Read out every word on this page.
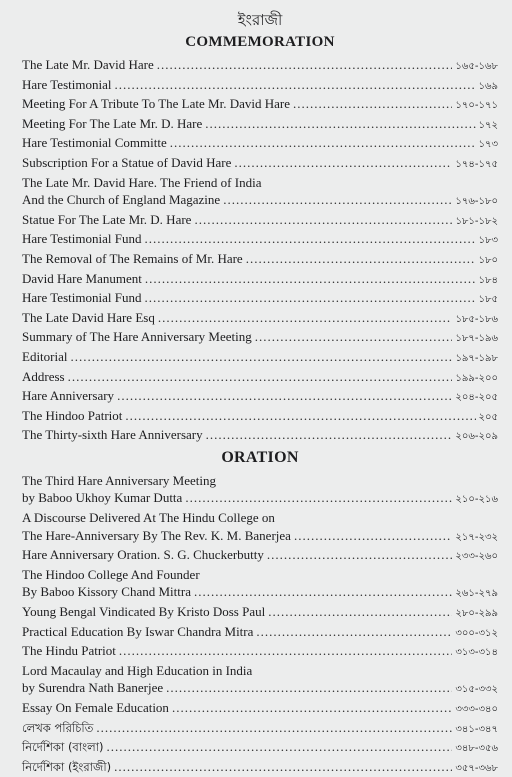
ইংরাজী
COMMEMORATION
The Late Mr. David Hare .....	১৬৫-১৬৮
Hare Testimonial .....	১৬৯
Meeting For A Tribute To The Late Mr. David Hare .....	১৭০-১৭১
Meeting For The Late Mr. D. Hare .....	১৭২
Hare Testimonial Committe .....	১৭৩
Subscription For a Statue of David Hare .....	১৭৪-১৭৫
The Late Mr. David Hare. The Friend of India
And the Church of England Magazine .....	১৭৬-১৮০
Statue For The Late Mr. D. Hare .....	১৮১-১৮২
Hare Testimonial Fund .....	১৮৩
The Removal of The Remains of Mr. Hare .....	১৮০
David Hare Manument .....	১৮৪
Hare Testimonial Fund .....	১৮৫
The Late David Hare Esq .....	১৮৫-১৮৬
Summary of The Hare Anniversary Meeting .....	১৮৭-১৯৬
Editorial .....	১৯৭-১৯৮
Address .....	১৯৯-২০০
Hare Anniversary .....	২০৪-২০৫
The Hindoo Patriot .....	২০৫
The Thirty-sixth Hare Anniversary .....	২০৬-২০৯
ORATION
The Third Hare Anniversary Meeting
by Baboo Ukhoy Kumar Dutta .....	২১০-২১৬
A Discourse Delivered At The Hindu College on
The Hare-Anniversary By The Rev. K. M. Banerjea .....	২১৭-২৩২
Hare Anniversary Oration. S. G. Chuckerbutty .....	২৩৩-২৬০
The Hindoo College And Founder
By Baboo Kissory Chand Mittra .....	২৬১-২৭৯
Young Bengal Vindicated By Kristo Doss Paul .....	২৮০-২৯৯
Practical Education By Iswar Chandra Mitra .....	৩০০-৩১২
The Hindu Patriot .....	৩১৩-৩১৪
Lord Macaulay and High Education in India
by Surendra Nath Banerjee .....	৩১৫-৩৩২
Essay On Female Education .....	৩৩৩-৩৪০
লেখক পরিচিতি .....	৩৪১-৩৪৭
নির্দেশিকা (বাংলা) .....	৩৪৮-৩৫৬
নির্দেশিকা (ইংরাজী) .....	৩৫৭-৩৬৮
